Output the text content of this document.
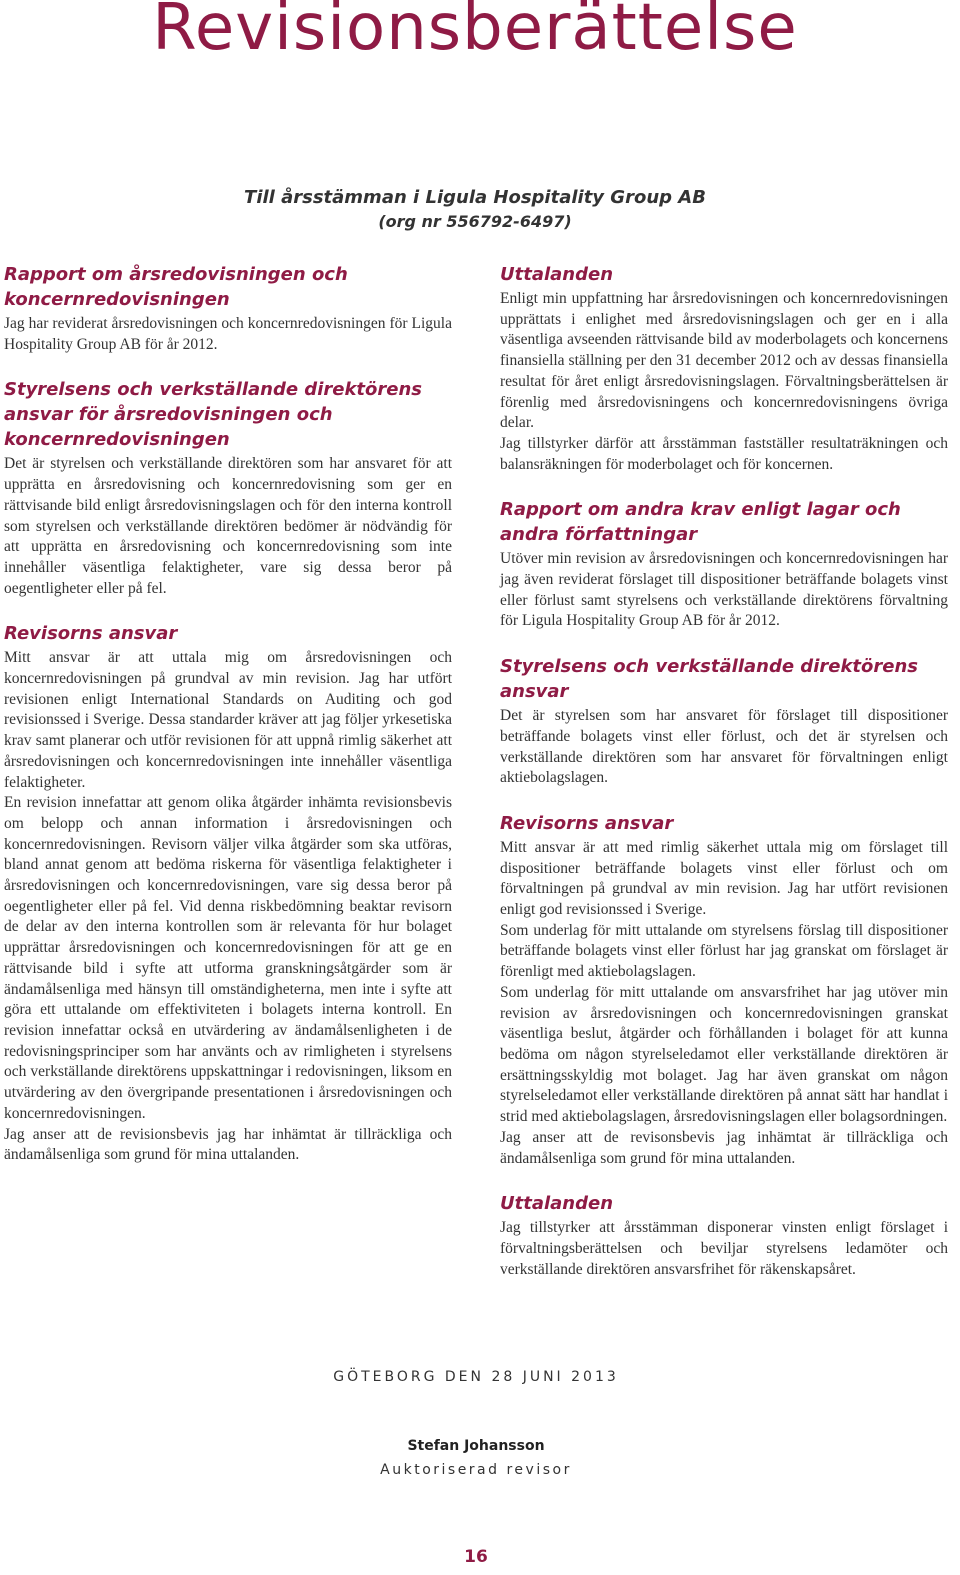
Revisionsberättelse
Till årsstämman i Ligula Hospitality Group AB
(org nr 556792-6497)
Rapport om årsredovisningen och koncernredovisningen

Jag har reviderat årsredovisningen och koncernredovisningen för Ligula Hospitality Group AB för år 2012.

Styrelsens och verkställande direktörens ansvar för årsredovisningen och koncernredovisningen

Det är styrelsen och verkställande direktören som har ansvaret för att upprätta en årsredovisning och koncernredovisning som ger en rättvisande bild enligt årsredovisningslagen och för den interna kontroll som styrelsen och verkställande direktören bedömer är nödvändig för att upprätta en årsredovisning och koncernredovisning som inte innehåller väsentliga felaktigheter, vare sig dessa beror på oegentligheter eller på fel.

Revisorns ansvar

Mitt ansvar är att uttala mig om årsredovisningen och koncernredovisningen på grundval av min revision. Jag har utfört revisionen enligt International Standards on Auditing och god revisionssed i Sverige. Dessa standarder kräver att jag följer yrkesetiska krav samt planerar och utför revisionen för att uppnå rimlig säkerhet att årsredovisningen och koncernredovisningen inte innehåller väsentliga felaktigheter.

En revision innefattar att genom olika åtgärder inhämta revisionsbevis om belopp och annan information i årsredovisningen och koncernredovisningen. Revisorn väljer vilka åtgärder som ska utföras, bland annat genom att bedöma riskerna för väsentliga felaktigheter i årsredovisningen och koncernredovisningen, vare sig dessa beror på oegentligheter eller på fel. Vid denna riskbedömning beaktar revisorn de delar av den interna kontrollen som är relevanta för hur bolaget upprättar årsredovisningen och koncernredovisningen för att ge en rättvisande bild i syfte att utforma granskningsåtgärder som är ändamålsenliga med hänsyn till omständigheterna, men inte i syfte att göra ett uttalande om effektiviteten i bolagets interna kontroll. En revision innefattar också en utvärdering av ändamålsenligheten i de redovisningsprinciper som har använts och av rimligheten i styrelsens och verkställande direktörens uppskattningar i redovisningen, liksom en utvärdering av den övergripande presentationen i årsredovisningen och koncernredovisningen.

Jag anser att de revisionsbevis jag har inhämtat är tillräckliga och ändamålsenliga som grund för mina uttalanden.

Uttalanden

Enligt min uppfattning har årsredovisningen och koncernredovisningen upprättats i enlighet med årsredovisningslagen och ger en i alla väsentliga avseenden rättvisande bild av moderbolagets och koncernens finansiella ställning per den 31 december 2012 och av dessas finansiella resultat för året enligt årsredovisningslagen. Förvaltningsberättelsen är förenlig med årsredovisningens och koncernredovisningens övriga delar.

Jag tillstyrker därför att årsstämman fastställer resultaträkningen och balansräkningen för moderbolaget och för koncernen.

Rapport om andra krav enligt lagar och andra författningar

Utöver min revision av årsredovisningen och koncernredovisningen har jag även reviderat förslaget till dispositioner beträffande bolagets vinst eller förlust samt styrelsens och verkställande direktörens förvaltning för Ligula Hospitality Group AB för år 2012.

Styrelsens och verkställande direktörens ansvar

Det är styrelsen som har ansvaret för förslaget till dispositioner beträffande bolagets vinst eller förlust, och det är styrelsen och verkställande direktören som har ansvaret för förvaltningen enligt aktiebolagslagen.

Revisorns ansvar

Mitt ansvar är att med rimlig säkerhet uttala mig om förslaget till dispositioner beträffande bolagets vinst eller förlust och om förvaltningen på grundval av min revision. Jag har utfört revisionen enligt god revisionssed i Sverige.

Som underlag för mitt uttalande om styrelsens förslag till dispositioner beträffande bolagets vinst eller förlust har jag granskat om förslaget är förenligt med aktiebolagslagen.

Som underlag för mitt uttalande om ansvarsfrihet har jag utöver min revision av årsredovisningen och koncernredovisningen granskat väsentliga beslut, åtgärder och förhållanden i bolaget för att kunna bedöma om någon styrelseledamot eller verkställande direktören är ersättningsskyldig mot bolaget. Jag har även granskat om någon styrelseledamot eller verkställande direktören på annat sätt har handlat i strid med aktiebolagslagen, årsredovisningslagen eller bolagsordningen.

Jag anser att de revisonsbevis jag inhämtat är tillräckliga och ändamålsenliga som grund för mina uttalanden.

Uttalanden

Jag tillstyrker att årsstämman disponerar vinsten enligt förslaget i förvaltningsberättelsen och beviljar styrelsens ledamöter och verkställande direktören ansvarsfrihet för räkenskapsåret.

GÖTEBORG DEN 28 JUNI 2013
Stefan Johansson
Auktoriserad revisor
16
